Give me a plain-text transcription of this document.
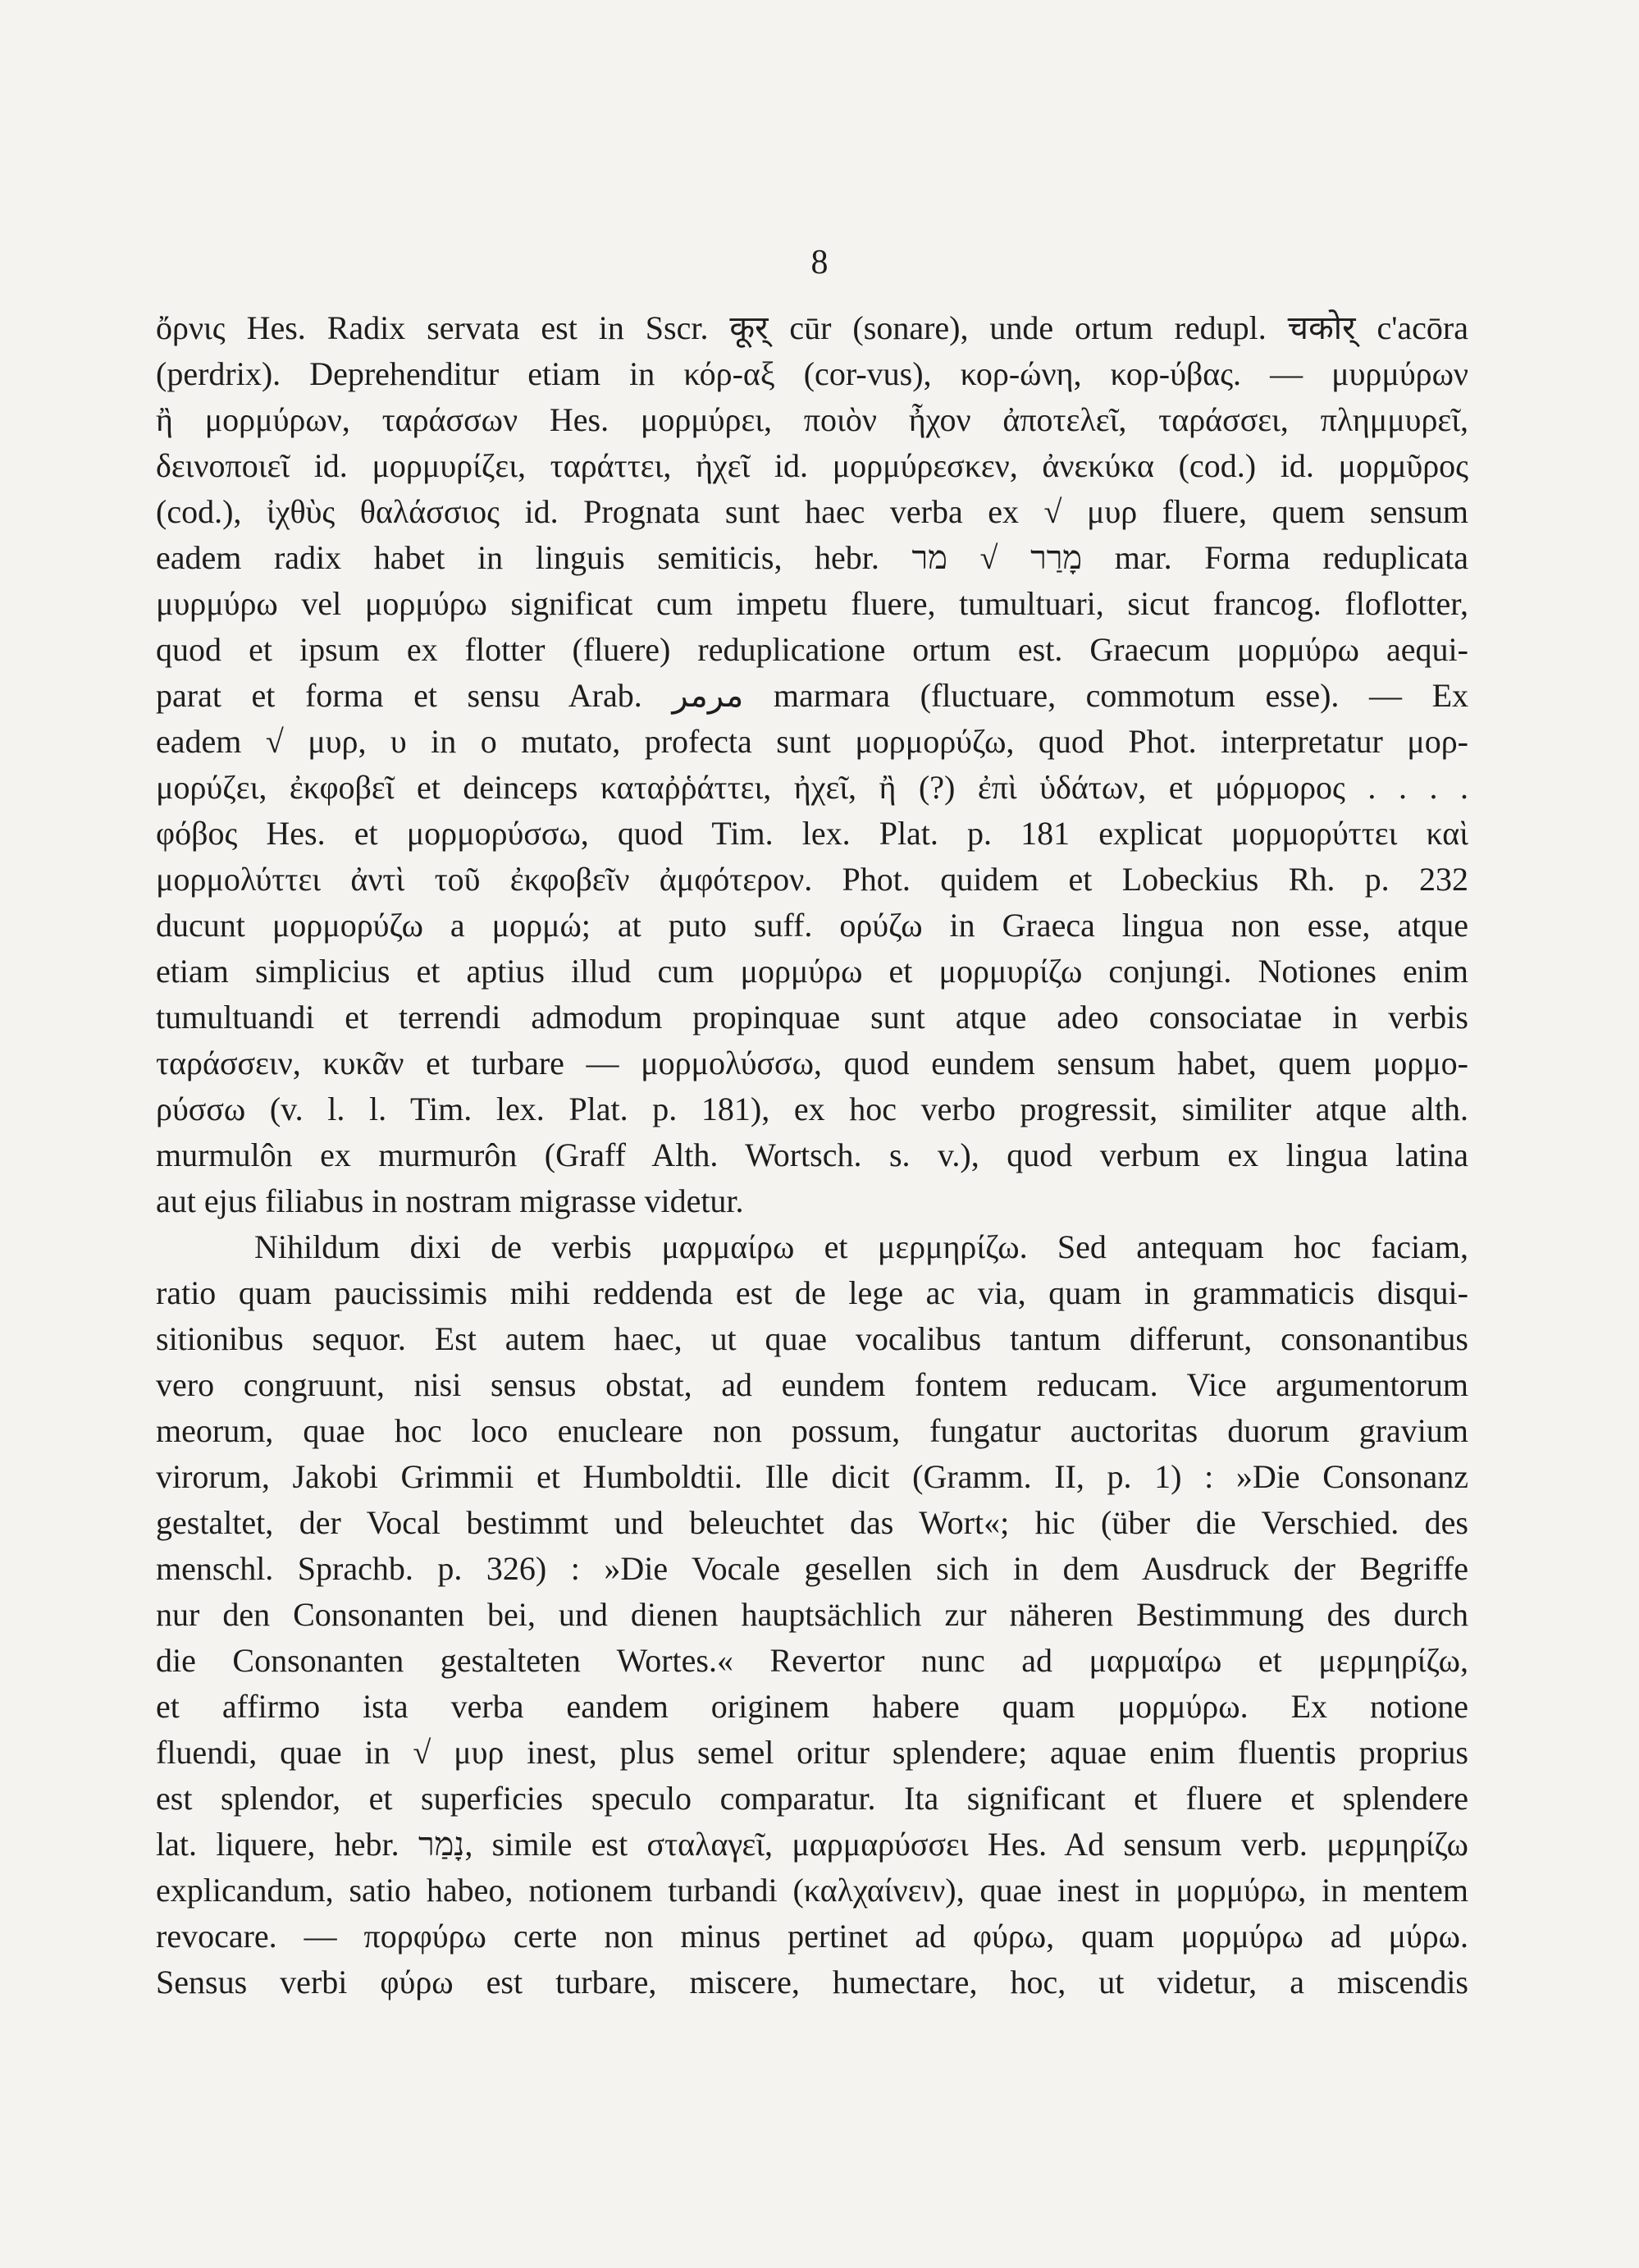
8
ὄρνις Hes. Radix servata est in Sscr. कूर् cūr (sonare), unde ortum redupl. चकोर् c'acōra
(perdrix). Deprehenditur etiam in κόρ-αξ (cor-vus), κορ-ώνη, κορ-ύβας. — μυρμύρων
ἢ μορμύρων, ταράσσων Hes. μορμύρει, ποιὸν ἦχον ἀποτελεῖ, ταράσσει, πλημμυρεῖ,
δεινοποιεῖ id. μορμυρίζει, ταράττει, ἠχεῖ id. μορμύρεσκεν, ἀνεκύκα (cod.) id. μορμῦρος
(cod.), ἰχθὺς θαλάσσιος id. Prognata sunt haec verba ex √ μυρ fluere, quem sensum
eadem radix habet in linguis semiticis, hebr. מָרַר √ מר mar. Forma reduplicata
μυρμύρω vel μορμύρω significat cum impetu fluere, tumultuari, sicut francog. floflotter,
quod et ipsum ex flotter (fluere) reduplicatione ortum est. Graecum μορμύρω aequi-
parat et forma et sensu Arab. مرمر marmara (fluctuare, commotum esse). — Ex
eadem √ μυρ, υ in ο mutato, profecta sunt μορμορύζω, quod Phot. interpretatur μορ-
μορύζει, ἐκφοβεῖ et deinceps καταῤῥάττει, ἠχεῖ, ἢ (?) ἐπὶ ὑδάτων, et μόρμορος . . . .
φόβος Hes. et μορμορύσσω, quod Tim. lex. Plat. p. 181 explicat μορμορύττει καὶ
μορμολύττει ἀντὶ τοῦ ἐκφοβεῖν ἀμφότερον. Phot. quidem et Lobeckius Rh. p. 232
ducunt μορμορύζω a μορμώ; at puto suff. ορύζω in Graeca lingua non esse, atque
etiam simplicius et aptius illud cum μορμύρω et μορμυρίζω conjungi. Notiones enim
tumultuandi et terrendi admodum propinquae sunt atque adeo consociatae in verbis
ταράσσειν, κυκᾶν et turbare — μορμολύσσω, quod eundem sensum habet, quem μορμο-
ρύσσω (v. l. l. Tim. lex. Plat. p. 181), ex hoc verbo progressit, similiter atque alth.
murmulôn ex murmurôn (Graff Alth. Wortsch. s. v.), quod verbum ex lingua latina
aut ejus filiabus in nostram migrasse videtur.
Nihildum dixi de verbis μαρμαίρω et μερμηρίζω. Sed antequam hoc faciam,
ratio quam paucissimis mihi reddenda est de lege ac via, quam in grammaticis disqui-
sitionibus sequor. Est autem haec, ut quae vocalibus tantum differunt, consonantibus
vero congruunt, nisi sensus obstat, ad eundem fontem reducam. Vice argumentorum
meorum, quae hoc loco enucleare non possum, fungatur auctoritas duorum gravium
virorum, Jakobi Grimmii et Humboldtii. Ille dicit (Gramm. II, p. 1) : »Die Consonanz
gestaltet, der Vocal bestimmt und beleuchtet das Wort«; hic (über die Verschied. des
menschl. Sprachb. p. 326) : »Die Vocale gesellen sich in dem Ausdruck der Begriffe
nur den Consonanten bei, und dienen hauptsächlich zur näheren Bestimmung des durch
die Consonanten gestalteten Wortes.« Revertor nunc ad μαρμαίρω et μερμηρίζω,
et affirmo ista verba eandem originem habere quam μορμύρω. Ex notione
fluendi, quae in √ μυρ inest, plus semel oritur splendere; aquae enim fluentis proprius
est splendor, et superficies speculo comparatur. Ita significant et fluere et splendere
lat. liquere, hebr. נָמַר, simile est σταλαγεῖ, μαρμαρύσσει Hes. Ad sensum verb. μερμηρίζω
explicandum, satio habeo, notionem turbandi (καλχαίνειν), quae inest in μορμύρω, in mentem
revocare. — πορφύρω certe non minus pertinet ad φύρω, quam μορμύρω ad μύρω.
Sensus verbi φύρω est turbare, miscere, humectare, hoc, ut videtur, a miscendis
